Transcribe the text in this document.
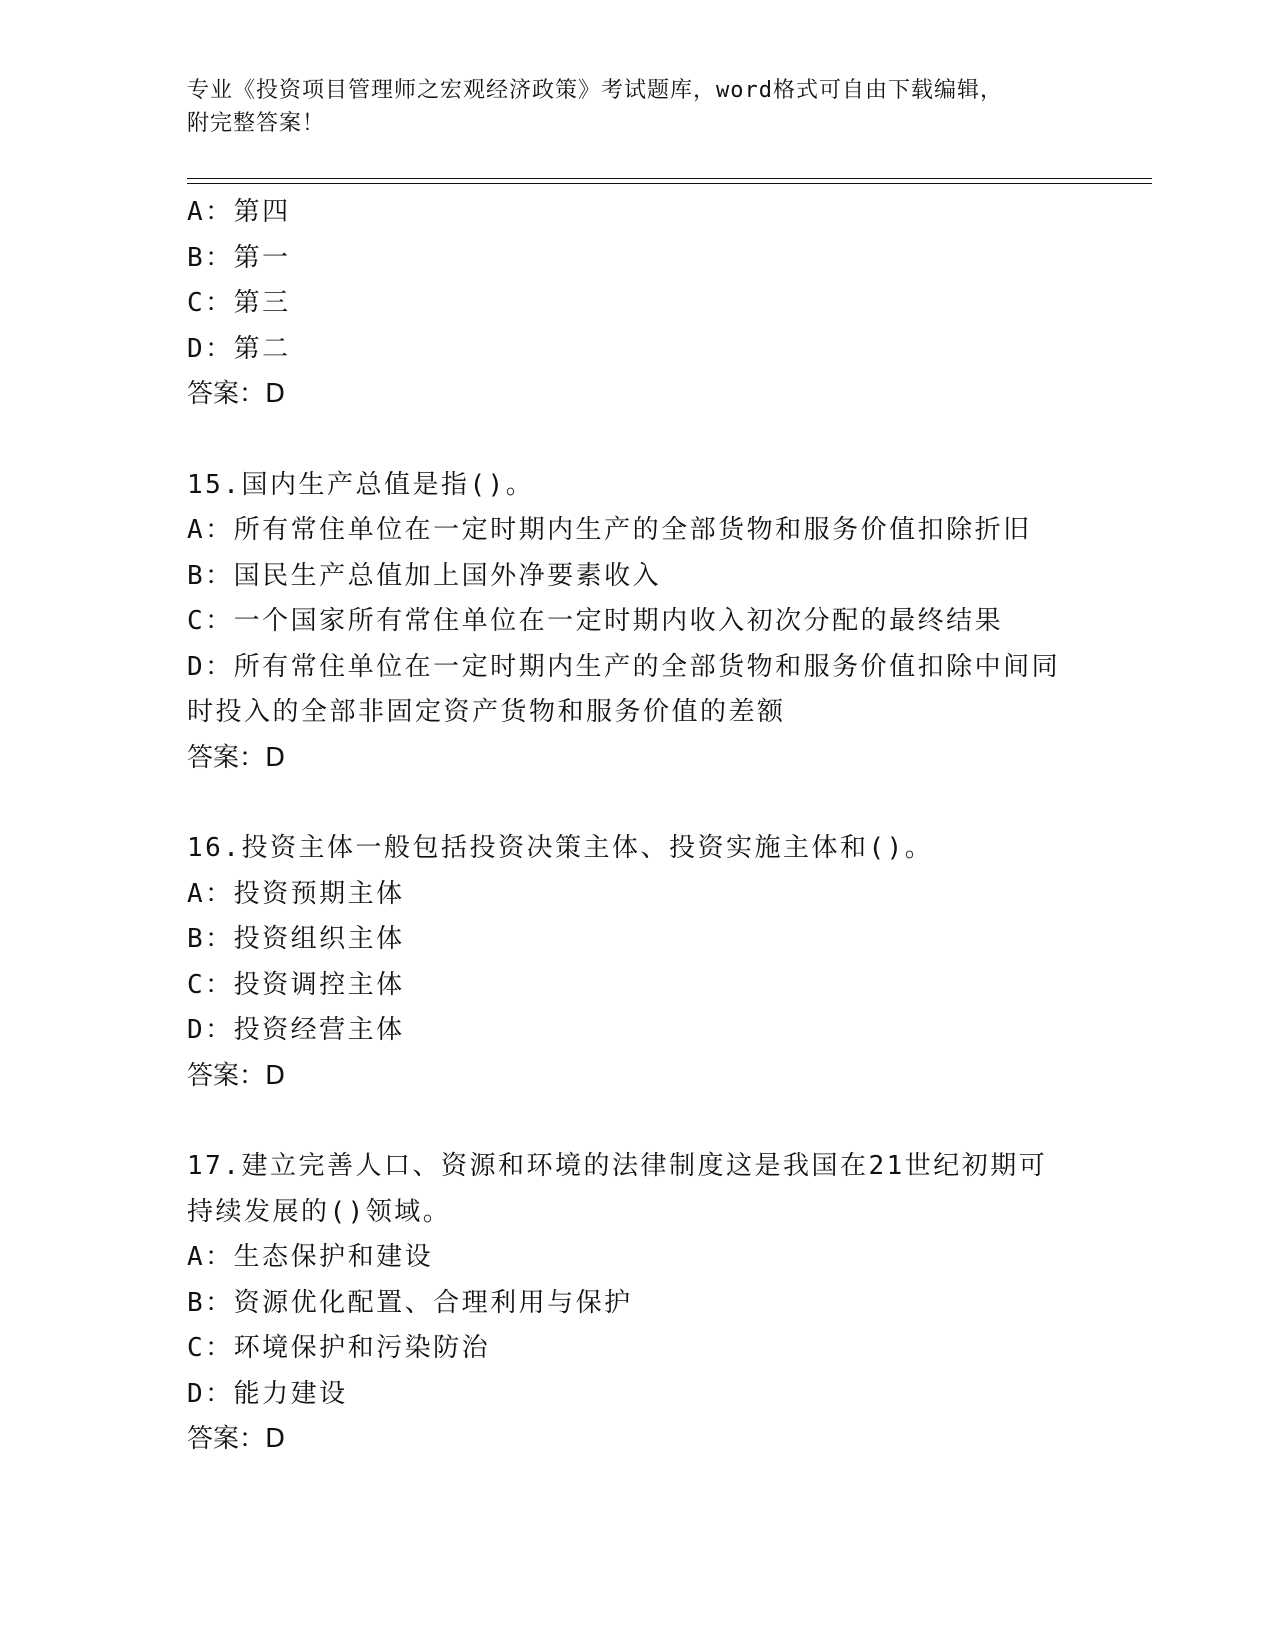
专业《投资项目管理师之宏观经济政策》考试题库，word格式可自由下载编辑，
附完整答案！
A：第四
B：第一
C：第三
D：第二
答案：D
15.国内生产总值是指()。
A：所有常住单位在一定时期内生产的全部货物和服务价值扣除折旧
B：国民生产总值加上国外净要素收入
C：一个国家所有常住单位在一定时期内收入初次分配的最终结果
D：所有常住单位在一定时期内生产的全部货物和服务价值扣除中间同
时投入的全部非固定资产货物和服务价值的差额
答案：D
16.投资主体一般包括投资决策主体、投资实施主体和()。
A：投资预期主体
B：投资组织主体
C：投资调控主体
D：投资经营主体
答案：D
17.建立完善人口、资源和环境的法律制度这是我国在21世纪初期可
持续发展的()领域。
A：生态保护和建设
B：资源优化配置、合理利用与保护
C：环境保护和污染防治
D：能力建设
答案：D
